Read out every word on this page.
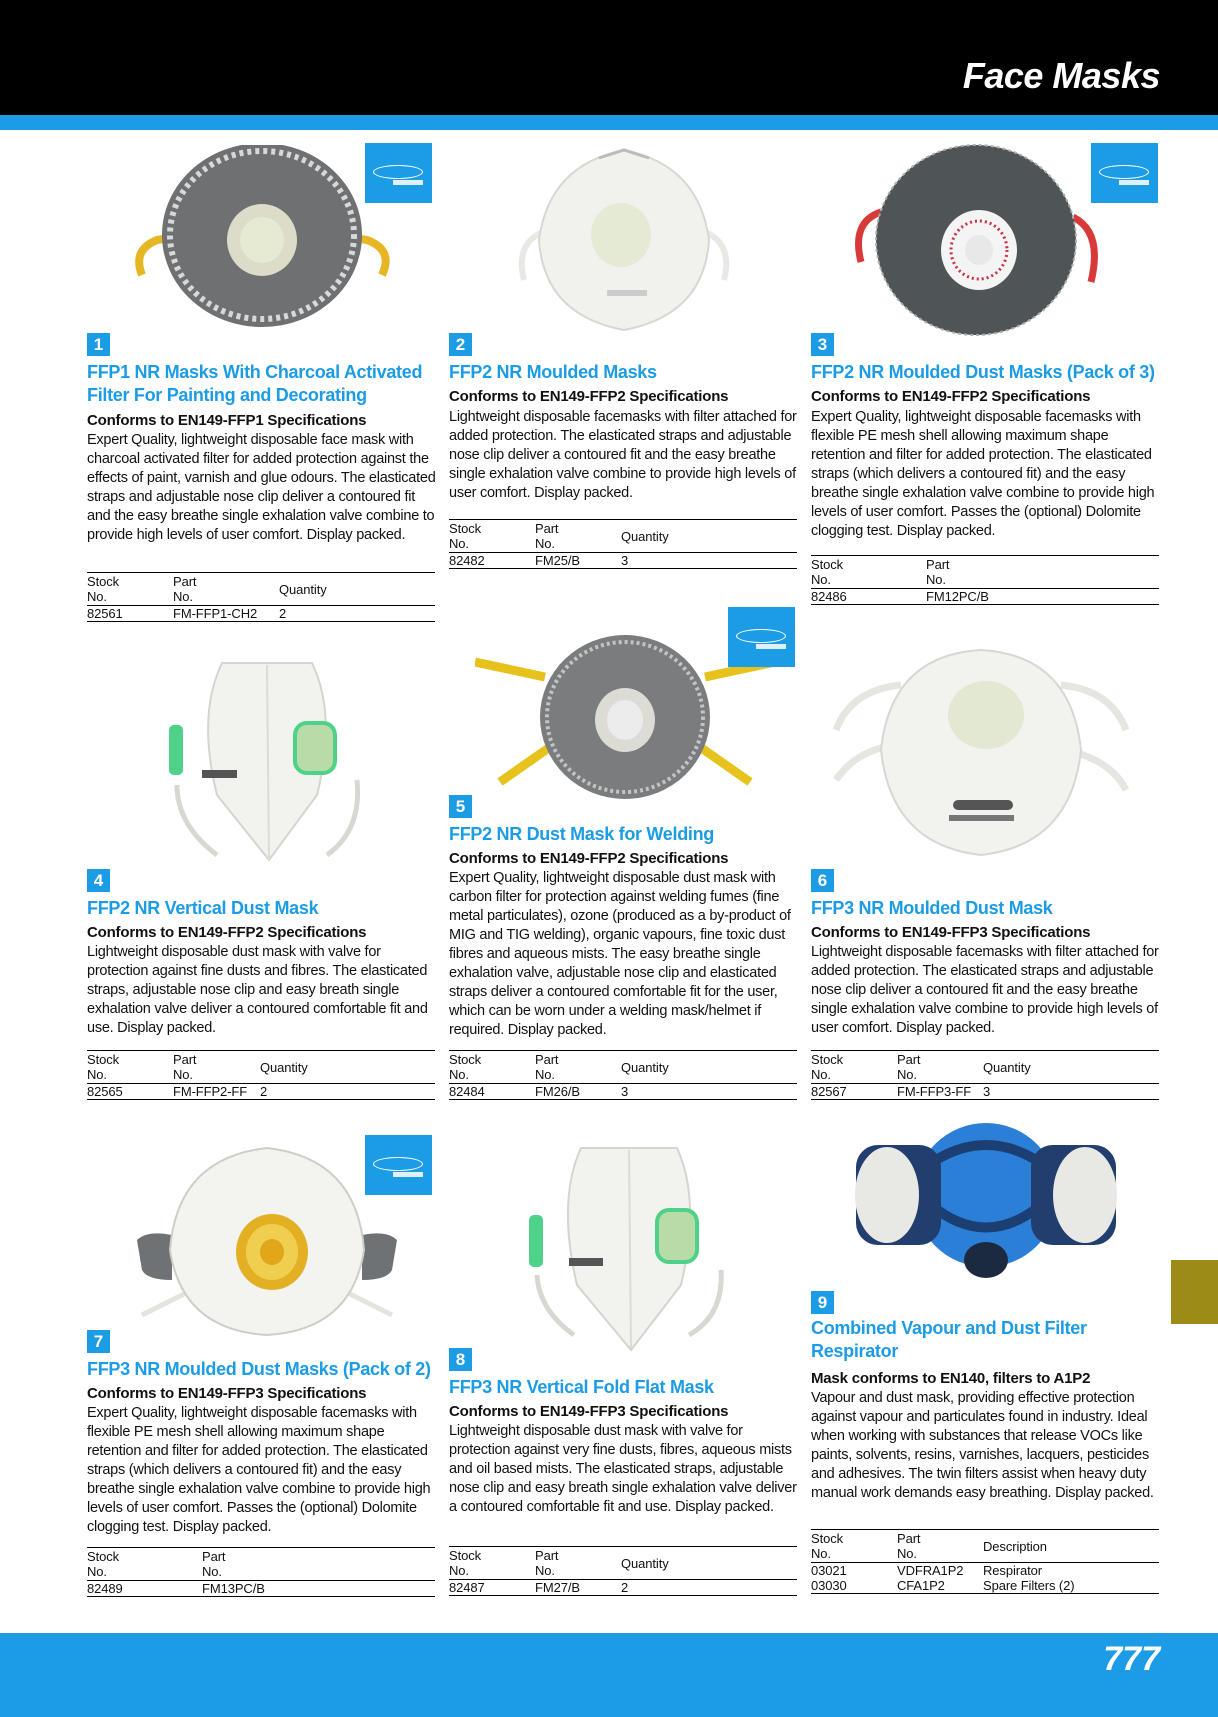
Face Masks
1
FFP1 NR Masks With Charcoal Activated Filter For Painting and Decorating
Conforms to EN149-FFP1 Specifications
Expert Quality, lightweight disposable face mask with charcoal activated filter for added protection against the effects of paint, varnish and glue odours. The elasticated straps and adjustable nose clip deliver a contoured fit and the easy breathe single exhalation valve combine to provide high levels of user comfort. Display packed.
Stock
No.	Part
No.	Quantity
82561	FM-FFP1-CH2	2
2
FFP2 NR Moulded Masks
Conforms to EN149-FFP2 Specifications
Lightweight disposable facemasks with filter attached for added protection. The elasticated straps and adjustable nose clip deliver a contoured fit and the easy breathe single exhalation valve combine to provide high levels of user comfort. Display packed.
Stock
No.	Part
No.	Quantity
82482	FM25/B	3
3
FFP2 NR Moulded Dust Masks (Pack of 3)
Conforms to EN149-FFP2 Specifications
Expert Quality, lightweight disposable facemasks with flexible PE mesh shell allowing maximum shape retention and filter for added protection. The elasticated straps (which delivers a contoured fit) and the easy breathe single exhalation valve combine to provide high levels of user comfort. Passes the (optional) Dolomite clogging test. Display packed.
Stock
No.	Part
No.
82486	FM12PC/B
4
FFP2 NR Vertical Dust Mask
Conforms to EN149-FFP2 Specifications
Lightweight disposable dust mask with valve for protection against fine dusts and fibres. The elasticated straps, adjustable nose clip and easy breath single exhalation valve deliver a contoured comfortable fit and use. Display packed.
Stock
No.	Part
No.	Quantity
82565	FM-FFP2-FF	2
5
FFP2 NR Dust Mask for Welding
Conforms to EN149-FFP2 Specifications
Expert Quality, lightweight disposable dust mask with carbon filter for protection against welding fumes (fine metal particulates), ozone (produced as a by-product of MIG and TIG welding), organic vapours, fine toxic dust fibres and aqueous mists. The easy breathe single exhalation valve, adjustable nose clip and elasticated straps deliver a contoured comfortable fit for the user, which can be worn under a welding mask/helmet if required. Display packed.
Stock
No.	Part
No.	Quantity
82484	FM26/B	3
6
FFP3 NR Moulded Dust Mask
Conforms to EN149-FFP3 Specifications
Lightweight disposable facemasks with filter attached for added protection. The elasticated straps and adjustable nose clip deliver a contoured fit and the easy breathe single exhalation valve combine to provide high levels of user comfort. Display packed.
Stock
No.	Part
No.	Quantity
82567	FM-FFP3-FF	3
7
FFP3 NR Moulded Dust Masks (Pack of 2)
Conforms to EN149-FFP3 Specifications
Expert Quality, lightweight disposable facemasks with flexible PE mesh shell allowing maximum shape retention and filter for added protection. The elasticated straps (which delivers a contoured fit) and the easy breathe single exhalation valve combine to provide high levels of user comfort. Passes the (optional) Dolomite clogging test. Display packed.
Stock
No.	Part
No.
82489	FM13PC/B
8
FFP3 NR Vertical Fold Flat Mask
Conforms to EN149-FFP3 Specifications
Lightweight disposable dust mask with valve for protection against very fine dusts, fibres, aqueous mists and oil based mists. The elasticated straps, adjustable nose clip and easy breath single exhalation valve deliver a contoured comfortable fit and use. Display packed.
Stock
No.	Part
No.	Quantity
82487	FM27/B	2
9
Combined Vapour and Dust Filter Respirator
Mask conforms to EN140, filters to A1P2
Vapour and dust mask, providing effective protection against vapour and particulates found in industry. Ideal when working with substances that release VOCs like paints, solvents, resins, varnishes, lacquers, pesticides and adhesives. The twin filters assist when heavy duty manual work demands easy breathing. Display packed.
Stock
No.	Part
No.	Description
03021	VDFRA1P2	Respirator
03030	CFA1P2	Spare Filters (2)
777
